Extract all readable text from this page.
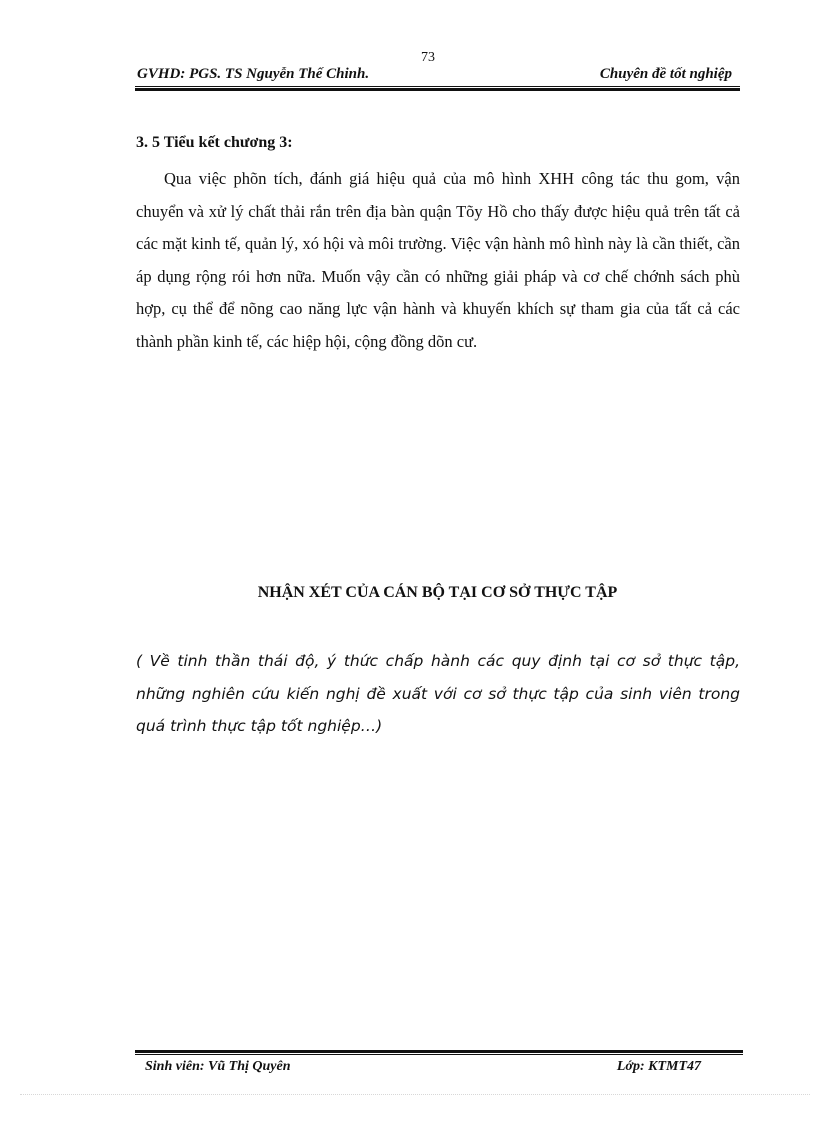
73
GVHD: PGS. TS Nguyễn Thế Chinh.	Chuyên đề tốt nghiệp
3. 5 Tiểu kết chương 3:

Qua việc phõn tích, đánh giá hiệu quả của mô hình XHH công tác thu gom, vận chuyển và xử lý chất thải rắn trên địa bàn quận Tõy Hồ cho thấy được hiệu quả trên tất cả các mặt kinh tế, quản lý, xó hội và môi trường. Việc vận hành mô hình này là cần thiết, cần áp dụng rộng rói hơn nữa. Muốn vậy cần có những giải pháp và cơ chế chớnh sách phù hợp, cụ thể để nõng cao năng lực vận hành và khuyến khích sự tham gia của tất cả các thành phần kinh tế, các hiệp hội, cộng đồng dõn cư.

NHẬN XÉT CỦA CÁN BỘ TẠI CƠ SỞ THỰC TẬP
( Về tinh thần thái độ, ý thức chấp hành các quy định tại cơ sở thực tập, những nghiên cứu kiến nghị đề xuất với cơ sở thực tập của sinh viên trong quá trình thực tập tốt nghiệp…)
Sinh viên: Vũ Thị Quyên	Lớp: KTMT47
